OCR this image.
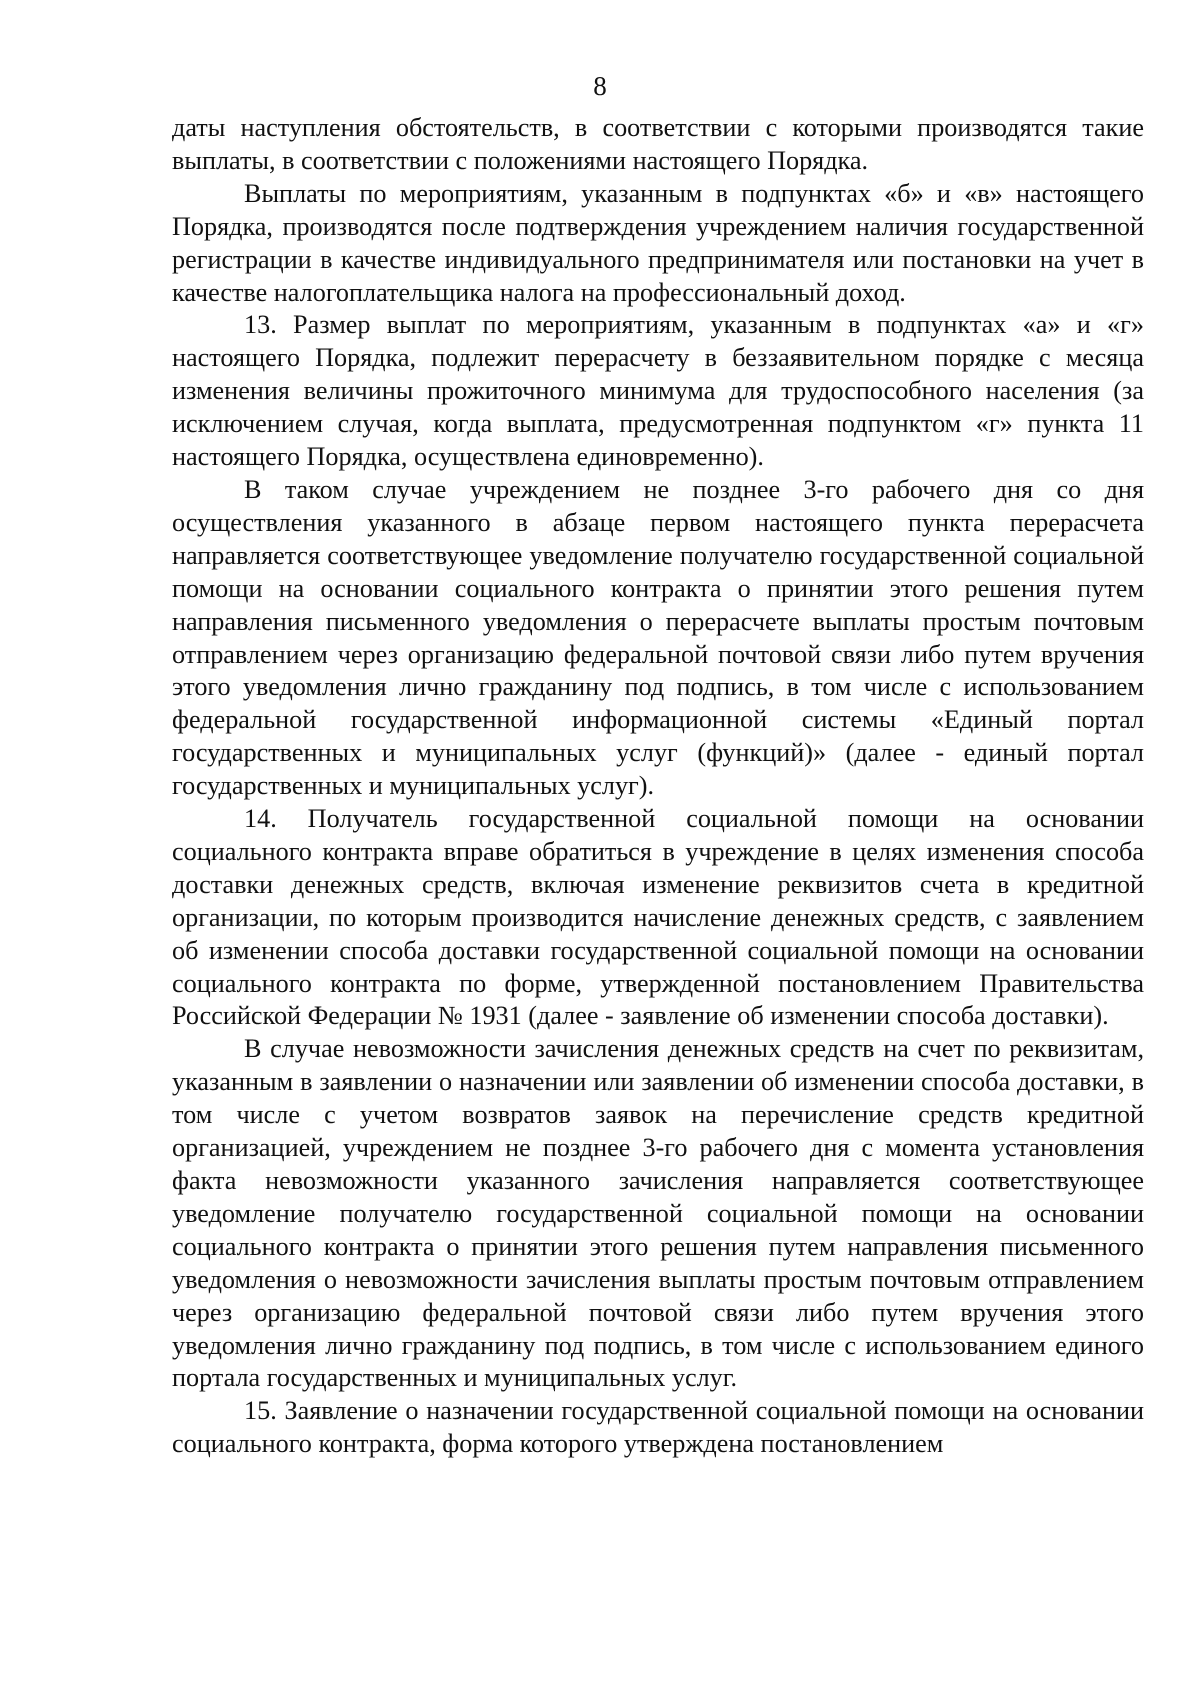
8

даты наступления обстоятельств, в соответствии с которыми производятся такие выплаты, в соответствии с положениями настоящего Порядка.

Выплаты по мероприятиям, указанным в подпунктах «б» и «в» настоящего Порядка, производятся после подтверждения учреждением наличия государственной регистрации в качестве индивидуального предпринимателя или постановки на учет в качестве налогоплательщика налога на профессиональный доход.

13. Размер выплат по мероприятиям, указанным в подпунктах «а» и «г» настоящего Порядка, подлежит перерасчету в беззаявительном порядке с месяца изменения величины прожиточного минимума для трудоспособного населения (за исключением случая, когда выплата, предусмотренная подпунктом «г» пункта 11 настоящего Порядка, осуществлена единовременно).

В таком случае учреждением не позднее 3-го рабочего дня со дня осуществления указанного в абзаце первом настоящего пункта перерасчета направляется соответствующее уведомление получателю государственной социальной помощи на основании социального контракта о принятии этого решения путем направления письменного уведомления о перерасчете выплаты простым почтовым отправлением через организацию федеральной почтовой связи либо путем вручения этого уведомления лично гражданину под подпись, в том числе с использованием федеральной государственной информационной системы «Единый портал государственных и муниципальных услуг (функций)» (далее - единый портал государственных и муниципальных услуг).

14. Получатель государственной социальной помощи на основании социального контракта вправе обратиться в учреждение в целях изменения способа доставки денежных средств, включая изменение реквизитов счета в кредитной организации, по которым производится начисление денежных средств, с заявлением об изменении способа доставки государственной социальной помощи на основании социального контракта по форме, утвержденной постановлением Правительства Российской Федерации № 1931 (далее - заявление об изменении способа доставки).

В случае невозможности зачисления денежных средств на счет по реквизитам, указанным в заявлении о назначении или заявлении об изменении способа доставки, в том числе с учетом возвратов заявок на перечисление средств кредитной организацией, учреждением не позднее 3-го рабочего дня с момента установления факта невозможности указанного зачисления направляется соответствующее уведомление получателю государственной социальной помощи на основании социального контракта о принятии этого решения путем направления письменного уведомления о невозможности зачисления выплаты простым почтовым отправлением через организацию федеральной почтовой связи либо путем вручения этого уведомления лично гражданину под подпись, в том числе с использованием единого портала государственных и муниципальных услуг.

15. Заявление о назначении государственной социальной помощи на основании социального контракта, форма которого утверждена постановлением
